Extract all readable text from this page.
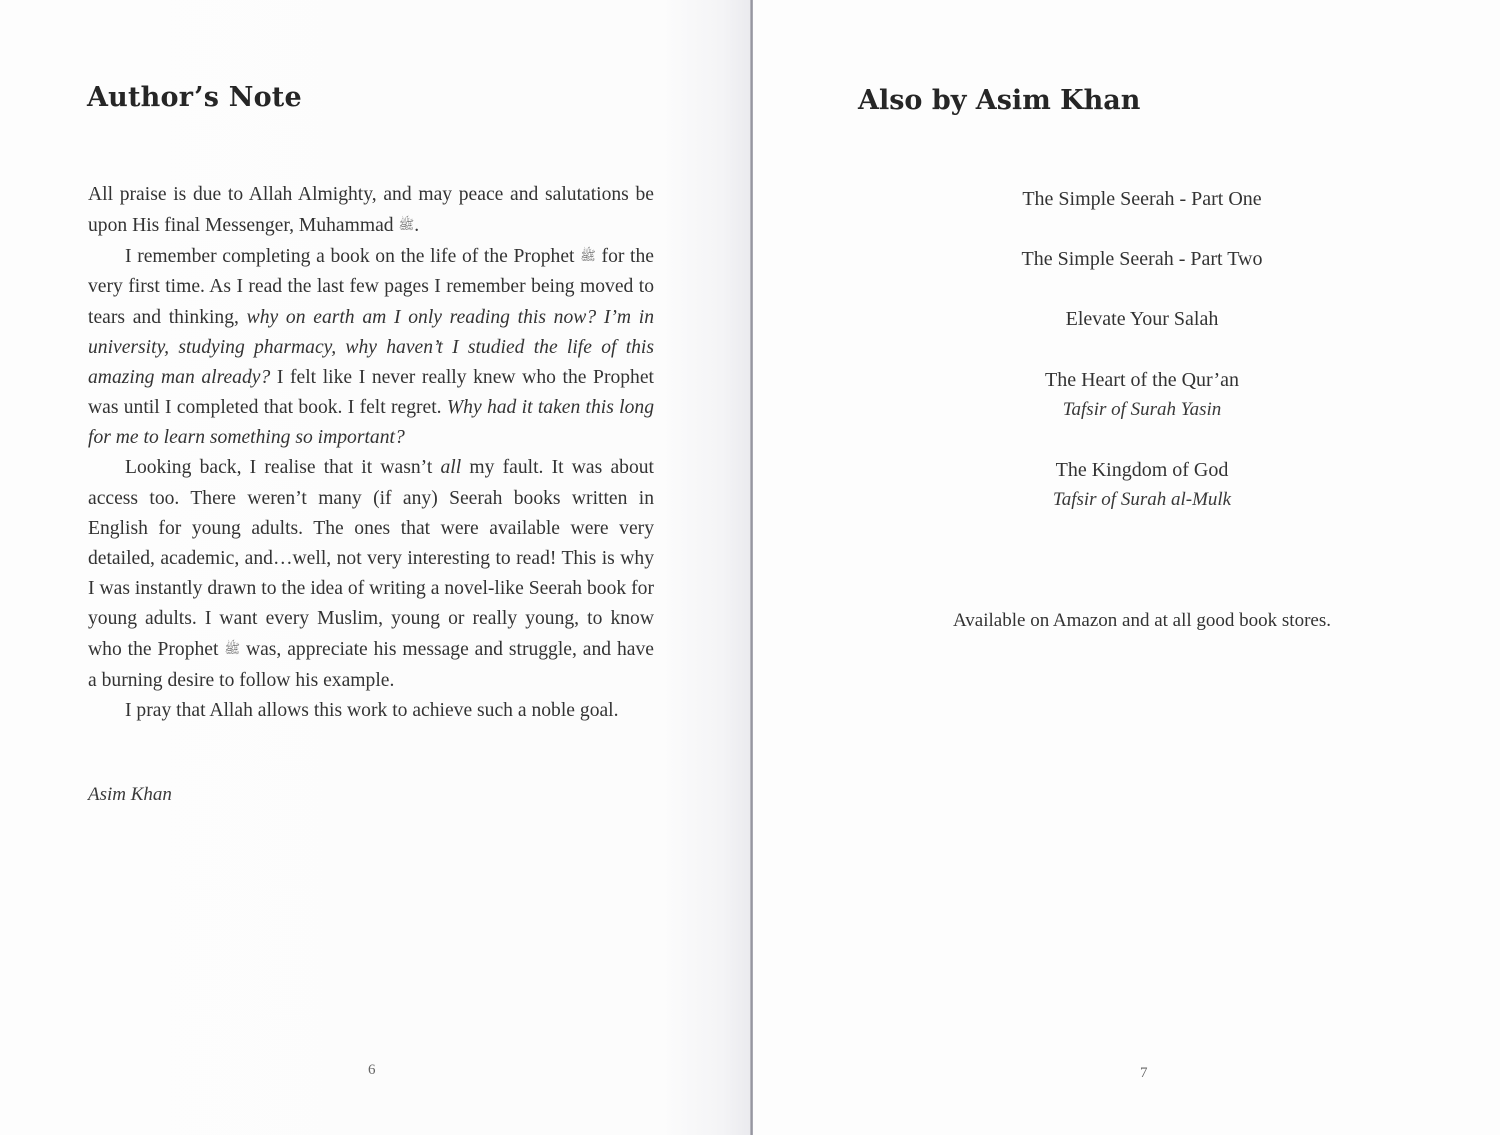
Author’s Note

All praise is due to Allah Almighty, and may peace and salutations be upon His final Messenger, Muhammad ﷺ.

I remember completing a book on the life of the Prophet ﷺ for the very first time. As I read the last few pages I remember being moved to tears and thinking, why on earth am I only reading this now? I’m in university, studying pharmacy, why haven’t I studied the life of this amazing man already? I felt like I never really knew who the Prophet was until I completed that book. I felt regret. Why had it taken this long for me to learn something so important?

Looking back, I realise that it wasn’t all my fault. It was about access too. There weren’t many (if any) Seerah books written in English for young adults. The ones that were available were very detailed, academic, and…well, not very interesting to read! This is why I was instantly drawn to the idea of writing a novel-like Seerah book for young adults. I want every Muslim, young or really young, to know who the Prophet ﷺ was, appreciate his message and struggle, and have a burning desire to follow his example.

I pray that Allah allows this work to achieve such a noble goal.

Asim Khan
6
Also by Asim Khan
The Simple Seerah - Part One
The Simple Seerah - Part Two
Elevate Your Salah
The Heart of the Qur’an
Tafsir of Surah Yasin
The Kingdom of God
Tafsir of Surah al-Mulk
Available on Amazon and at all good book stores.
7
